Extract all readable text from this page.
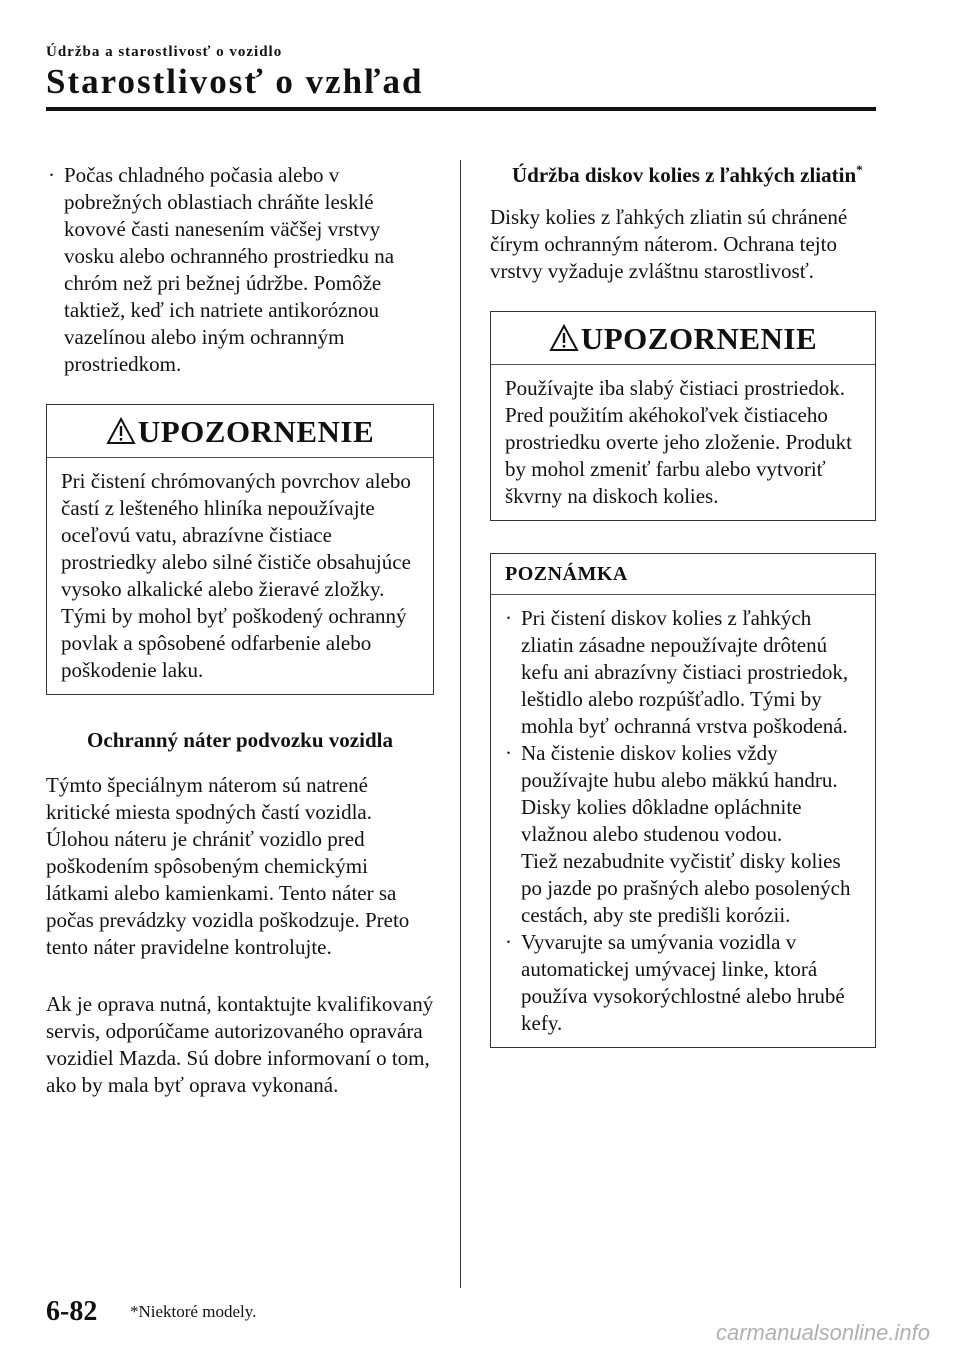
Údržba a starostlivosť o vozidlo
Starostlivosť o vzhľad
· Počas chladného počasia alebo v pobrežných oblastiach chráňte lesklé kovové časti nanesením väčšej vrstvy vosku alebo ochranného prostriedku na chróm než pri bežnej údržbe. Pomôže taktiež, keď ich natriete antikoróznou vazelínou alebo iným ochranným prostriedkom.
UPOZORNENIE
Pri čistení chrómovaných povrchov alebo častí z lešteného hliníka nepoužívajte oceľovú vatu, abrazívne čistiace prostriedky alebo silné čističe obsahujúce vysoko alkalické alebo žieravé zložky. Tými by mohol byť poškodený ochranný povlak a spôsobené odfarbenie alebo poškodenie laku.
Ochranný náter podvozku vozidla

Týmto špeciálnym náterom sú natrené kritické miesta spodných častí vozidla. Úlohou náteru je chrániť vozidlo pred poškodením spôsobeným chemickými látkami alebo kamienkami. Tento náter sa počas prevádzky vozidla poškodzuje. Preto tento náter pravidelne kontrolujte.

Ak je oprava nutná, kontaktujte kvalifikovaný servis, odporúčame autorizovaného opravára vozidiel Mazda. Sú dobre informovaní o tom, ako by mala byť oprava vykonaná.

Údržba diskov kolies z ľahkých zliatin*

Disky kolies z ľahkých zliatin sú chránené čírym ochranným náterom. Ochrana tejto vrstvy vyžaduje zvláštnu starostlivosť.

UPOZORNENIE
Používajte iba slabý čistiaci prostriedok. Pred použitím akéhokoľvek čistiaceho prostriedku overte jeho zloženie. Produkt by mohol zmeniť farbu alebo vytvoriť škvrny na diskoch kolies.
POZNÁMKA
· Pri čistení diskov kolies z ľahkých zliatin zásadne nepoužívajte drôtenú kefu ani abrazívny čistiaci prostriedok, leštidlo alebo rozpúšťadlo. Tými by mohla byť ochranná vrstva poškodená.
· Na čistenie diskov kolies vždy používajte hubu alebo mäkkú handru. Disky kolies dôkladne opláchnite vlažnou alebo studenou vodou.
Tiež nezabudnite vyčistiť disky kolies po jazde po prašných alebo posolených cestách, aby ste predišli korózii.
· Vyvarujte sa umývania vozidla v automatickej umývacej linke, ktorá používa vysokorýchlostné alebo hrubé kefy.
6-82 *Niektoré modely.
carmanualsonline.info
